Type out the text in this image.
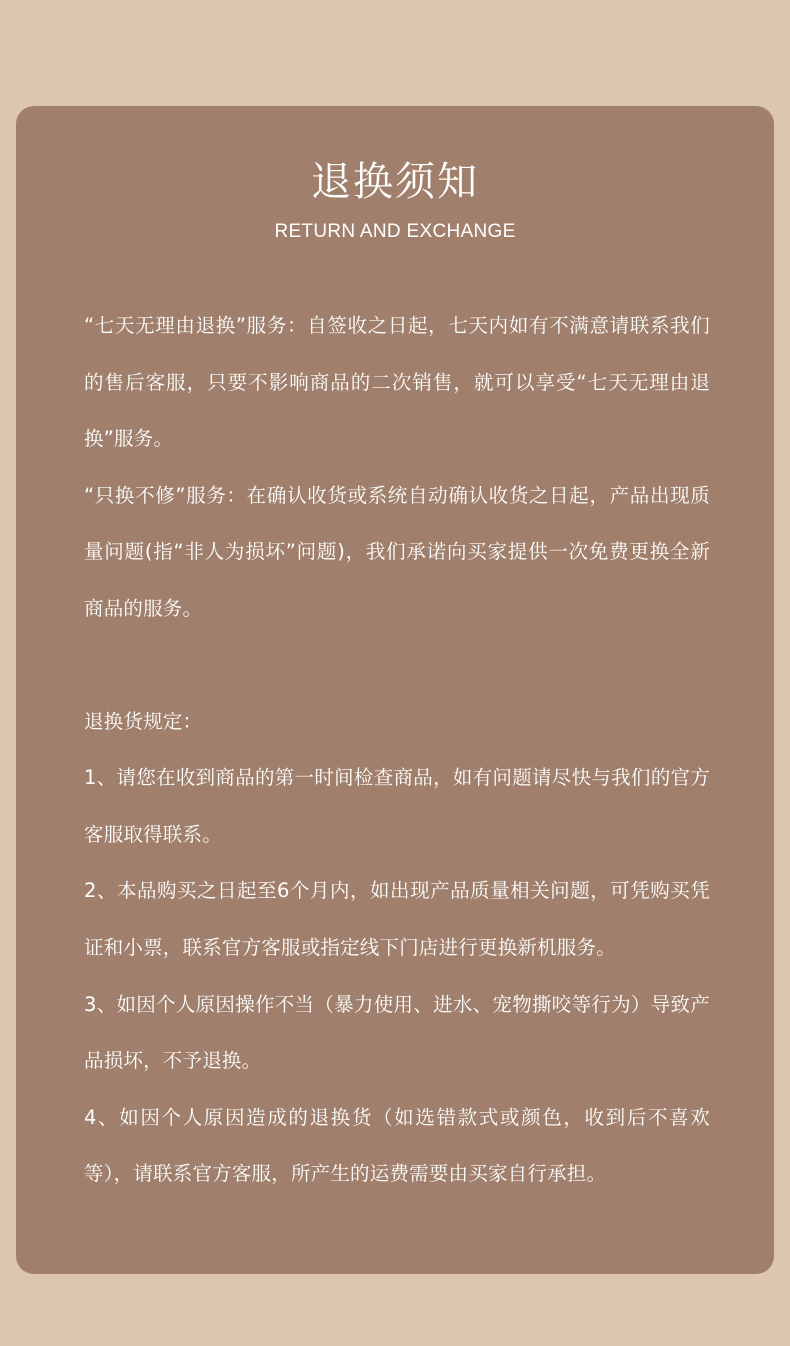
退换须知
RETURN AND EXCHANGE

“七天无理由退换”服务：自签收之日起，七天内如有不满意请联系我们的售后客服，只要不影响商品的二次销售，就可以享受“七天无理由退换”服务。

“只换不修”服务：在确认收货或系统自动确认收货之日起，产品出现质量问题(指“非人为损坏”问题)，我们承诺向买家提供一次免费更换全新商品的服务。

退换货规定：

1、请您在收到商品的第一时间检查商品，如有问题请尽快与我们的官方客服取得联系。

2、本品购买之日起至6个月内，如出现产品质量相关问题，可凭购买凭证和小票，联系官方客服或指定线下门店进行更换新机服务。

3、如因个人原因操作不当（暴力使用、进水、宠物撕咬等行为）导致产品损坏，不予退换。

4、如因个人原因造成的退换货（如选错款式或颜色，收到后不喜欢等），请联系官方客服，所产生的运费需要由买家自行承担。
